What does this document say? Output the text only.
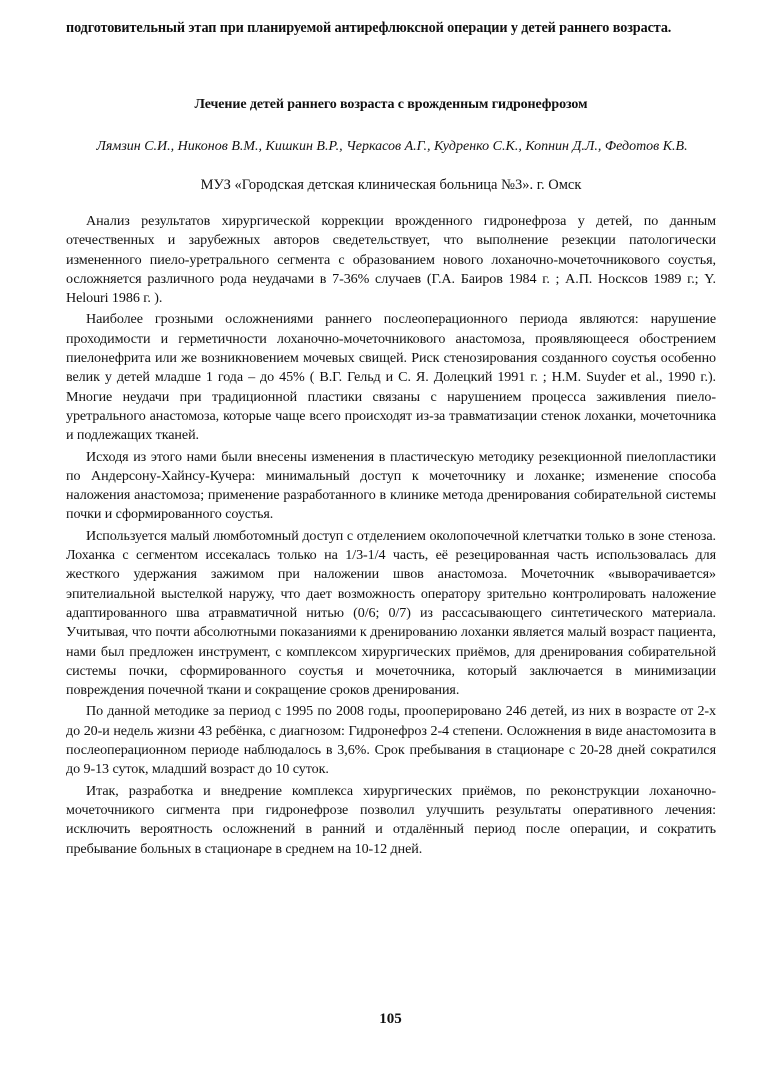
подготовительный этап при планируемой антирефлюксной операции у детей раннего возраста.

Лечение детей раннего возраста с врожденным гидронефрозом

Лямзин С.И., Никонов В.М., Кишкин В.Р., Черкасов А.Г., Кудренко С.К., Копнин Д.Л., Федотов К.В.

МУЗ «Городская детская клиническая больница №3». г. Омск

Анализ результатов хирургической коррекции врожденного гидронефроза у детей, по данным отечественных и зарубежных авторов сведетельствует, что выполнение резекции патологически измененного пиело-уретрального сегмента с образованием нового лоханочно-мочеточникового соустья, осложняется различного рода неудачами в 7-36% случаев (Г.А. Баиров 1984 г. ; А.П. Носксов 1989 г.; Y. Helouri 1986 г. ).

Наиболее грозными осложнениями раннего послеоперационного периода являются: нарушение проходимости и герметичности лоханочно-мочеточникового анастомоза, проявляющееся обострением пиелонефрита или же возникновением мочевых свищей. Риск стенозирования созданного соустья особенно велик у детей младше 1 года – до 45% ( В.Г. Гельд и С. Я. Долецкий 1991 г. ; Н.М. Suyder et al., 1990 г.). Многие неудачи при традиционной пластики связаны с нарушением процесса заживления пиело-уретрального анастомоза, которые чаще всего происходят из-за травматизации стенок лоханки, мочеточника и подлежащих тканей.

Исходя из этого нами были внесены изменения в пластическую методику резекционной пиелопластики по Андерсону-Хайнсу-Кучера: минимальный доступ к мочеточнику и лоханке; изменение способа наложения анастомоза; применение разработанного в клинике метода дренирования собирательной системы почки и сформированного соустья.

Используется малый люмботомный доступ с отделением околопочечной клетчатки только в зоне стеноза. Лоханка с сегментом иссекалась только на 1/3-1/4 часть, её резецированная часть использовалась для жесткого удержания зажимом при наложении швов анастомоза. Мочеточник «выворачивается» эпителиальной выстелкой наружу, что дает возможность оператору зрительно контролировать наложение адаптированного шва атравматичной нитью (0/6; 0/7) из рассасывающего синтетического материала. Учитывая, что почти абсолютными показаниями к дренированию лоханки является малый возраст пациента, нами был предложен инструмент, с комплексом хирургических приёмов, для дренирования собирательной системы почки, сформированного соустья и мочеточника, который заключается в минимизации повреждения почечной ткани и сокращение сроков дренирования.

По данной методике за период с 1995 по 2008 годы, прооперировано 246 детей, из них в возрасте от 2-х до 20-и недель жизни 43 ребёнка, с диагнозом: Гидронефроз 2-4 степени. Осложнения в виде анастомозита в послеоперационном периоде наблюдалось в 3,6%. Срок пребывания в стационаре с 20-28 дней сократился до 9-13 суток, младший возраст до 10 суток.

Итак, разработка и внедрение комплекса хирургических приёмов, по реконструкции лоханочно-мочеточникого сигмента при гидронефрозе позволил улучшить результаты оперативного лечения: исключить вероятность осложнений в ранний и отдалённый период после операции, и сократить пребывание больных в стационаре в среднем на 10-12 дней.

105
